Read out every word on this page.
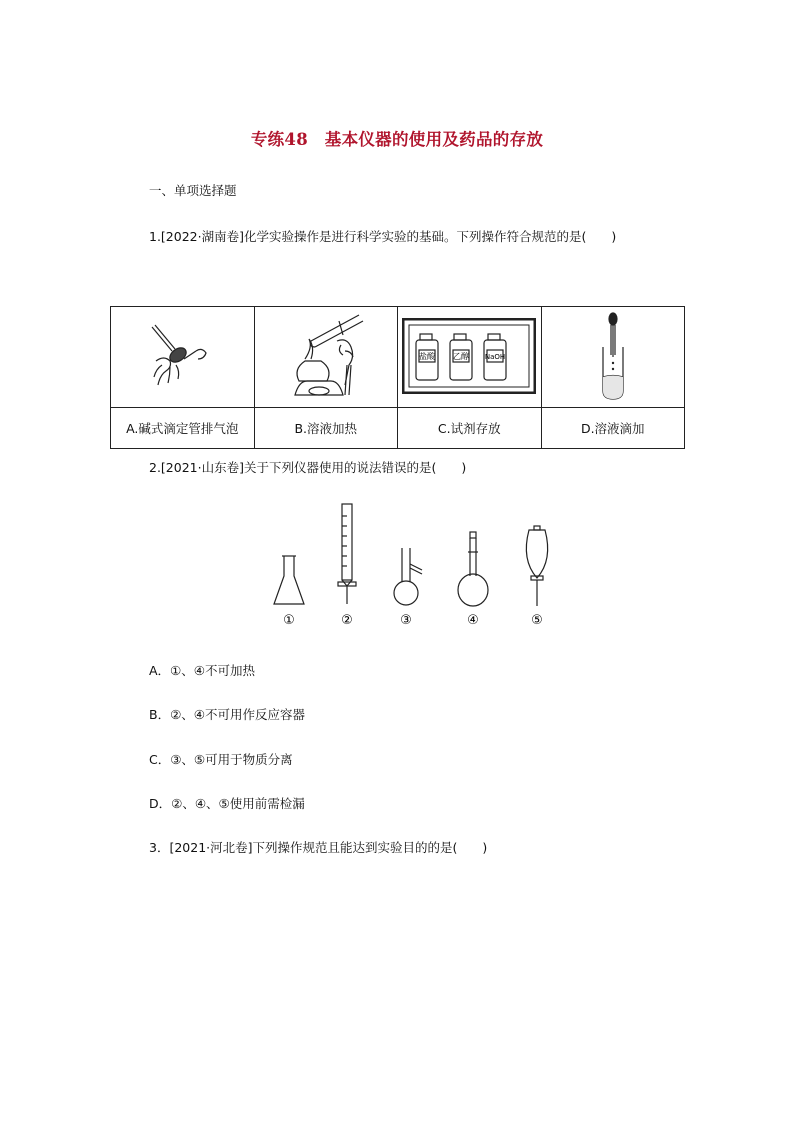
专练48　基本仪器的使用及药品的存放
一、单项选择题
1.[2022·湖南卷]化学实验操作是进行科学实验的基础。下列操作符合规范的是(　　)

盐酸 乙醇 NaOH

A.碱式滴定管排气泡	B.溶液加热	C.试剂存放	D.溶液滴加
2.[2021·山东卷]关于下列仪器使用的说法错误的是(　　)
①	②	③	④	⑤
A．①、④不可加热
B．②、④不可用作反应容器
C．③、⑤可用于物质分离
D．②、④、⑤使用前需检漏
3．[2021·河北卷]下列操作规范且能达到实验目的的是(　　)
